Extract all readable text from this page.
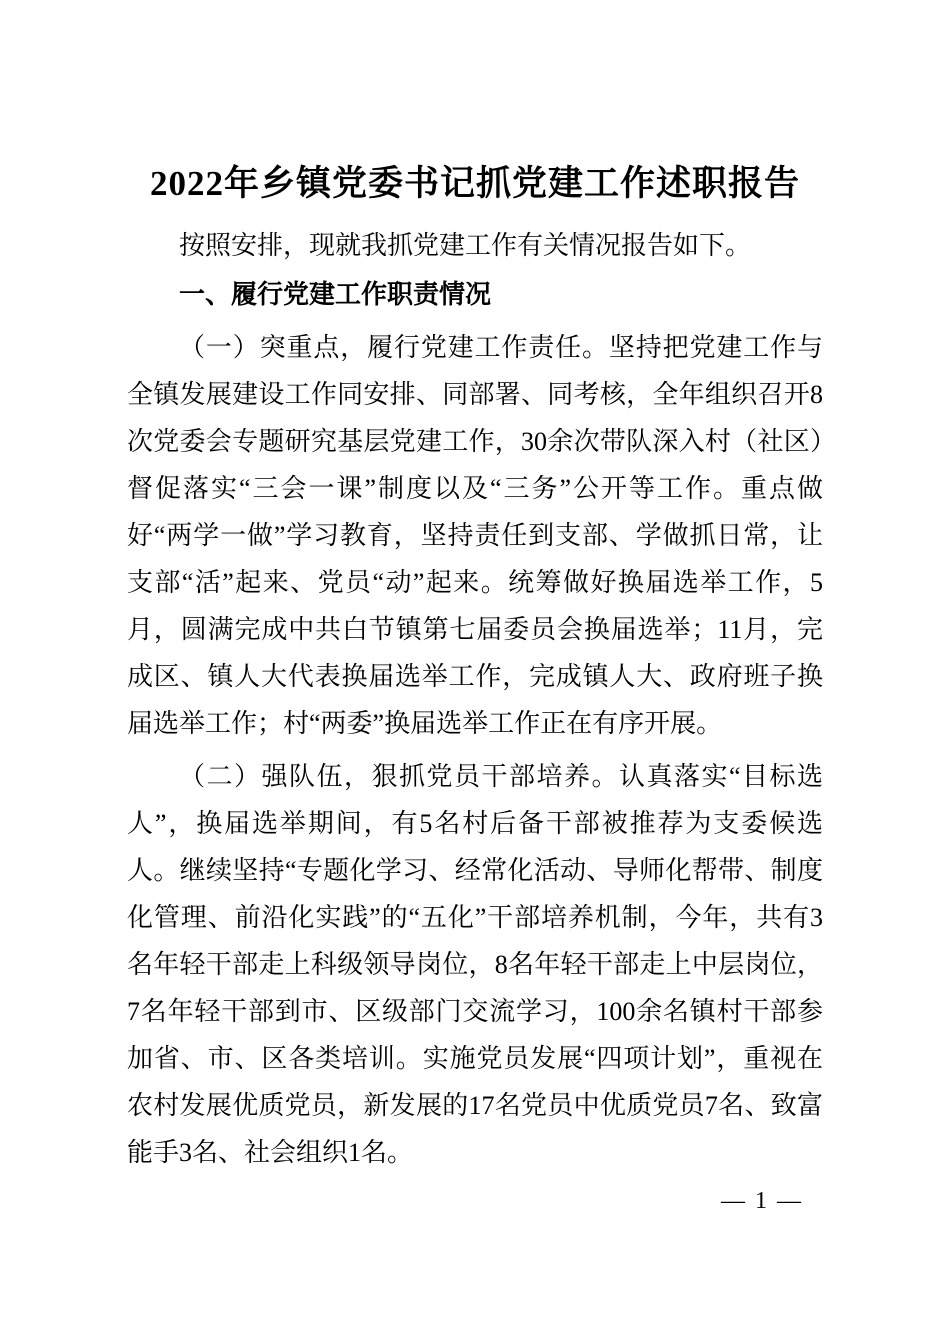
2022年乡镇党委书记抓党建工作述职报告

按照安排，现就我抓党建工作有关情况报告如下。

一、履行党建工作职责情况

（一）突重点，履行党建工作责任。坚持把党建工作与全镇发展建设工作同安排、同部署、同考核，全年组织召开8次党委会专题研究基层党建工作，30余次带队深入村（社区）督促落实“三会一课”制度以及“三务”公开等工作。重点做好“两学一做”学习教育，坚持责任到支部、学做抓日常，让支部“活”起来、党员“动”起来。统筹做好换届选举工作，5月，圆满完成中共白节镇第七届委员会换届选举；11月，完成区、镇人大代表换届选举工作，完成镇人大、政府班子换届选举工作；村“两委”换届选举工作正在有序开展。

（二）强队伍，狠抓党员干部培养。认真落实“目标选人”，换届选举期间，有5名村后备干部被推荐为支委候选人。继续坚持“专题化学习、经常化活动、导师化帮带、制度化管理、前沿化实践”的“五化”干部培养机制，今年，共有3名年轻干部走上科级领导岗位，8名年轻干部走上中层岗位，7名年轻干部到市、区级部门交流学习，100余名镇村干部参加省、市、区各类培训。实施党员发展“四项计划”，重视在农村发展优质党员，新发展的17名党员中优质党员7名、致富能手3名、社会组织1名。

— 1 —
